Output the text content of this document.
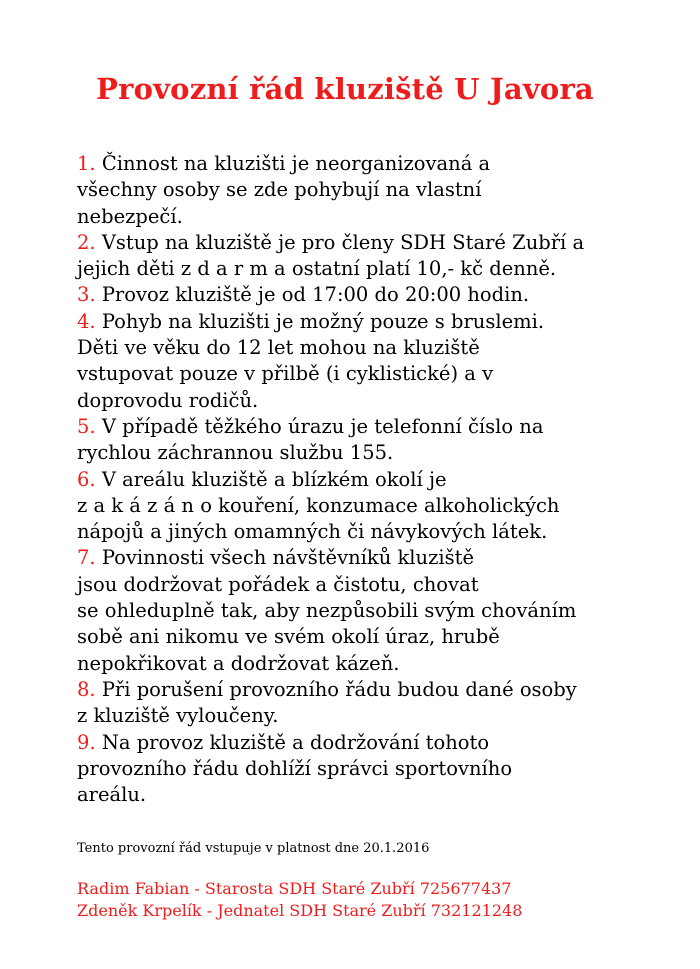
Provozní řád kluziště U Javora
1. Činnost na kluzišti je neorganizovaná a
všechny osoby se zde pohybují na vlastní
nebezpečí.
2. Vstup na kluziště je pro členy SDH Staré Zubří a
jejich děti z d a r m a ostatní platí 10,- kč denně.
3. Provoz kluziště je od 17:00 do 20:00 hodin.
4. Pohyb na kluzišti je možný pouze s bruslemi.
Děti ve věku do 12 let mohou na kluziště
vstupovat pouze v přilbě (i cyklistické) a v
doprovodu rodičů.
5. V případě těžkého úrazu je telefonní číslo na
rychlou záchrannou službu 155.
6. V areálu kluziště a blízkém okolí je
z a k á z á n o kouření, konzumace alkoholických
nápojů a jiných omamných či návykových látek.
7. Povinnosti všech návštěvníků kluziště
jsou dodržovat pořádek a čistotu, chovat
se ohleduplně tak, aby nezpůsobili svým chováním
sobě ani nikomu ve svém okolí úraz, hrubě
nepokřikovat a dodržovat kázeň.
8. Při porušení provozního řádu budou dané osoby
z kluziště vyloučeny.
9. Na provoz kluziště a dodržování tohoto
provozního řádu dohlíží správci sportovního
areálu.
Tento provozní řád vstupuje v platnost dne 20.1.2016
Radim Fabian - Starosta SDH Staré Zubří 725677437
Zdeněk Krpelík - Jednatel SDH Staré Zubří 732121248
